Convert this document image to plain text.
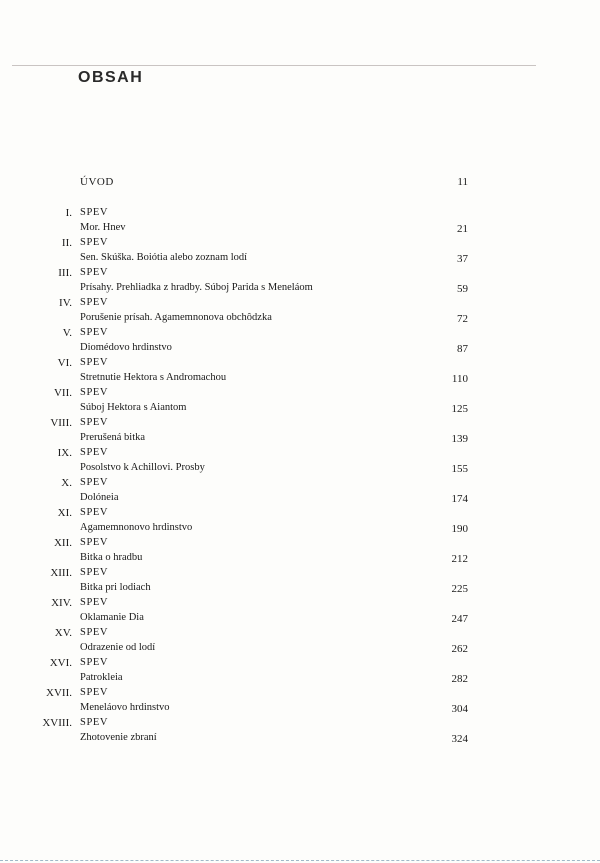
OBSAH
ÚVOD	11
I. SPEV
Mor. Hnev	21
II. SPEV
Sen. Skúška. Boiótia alebo zoznam lodí	37
III. SPEV
Prísahy. Prehliadka z hradby. Súboj Parida s Meneláom	59
IV. SPEV
Porušenie prísah. Agamemnonova obchôdzka	72
V. SPEV
Diomédovo hrdinstvo	87
VI. SPEV
Stretnutie Hektora s Andromachou	110
VII. SPEV
Súboj Hektora s Aiantom	125
VIII. SPEV
Prerušená bitka	139
IX. SPEV
Posolstvo k Achillovi. Prosby	155
X. SPEV
Dolóneia	174
XI. SPEV
Agamemnonovo hrdinstvo	190
XII. SPEV
Bitka o hradbu	212
XIII. SPEV
Bitka pri lodiach	225
XIV. SPEV
Oklamanie Dia	247
XV. SPEV
Odrazenie od lodí	262
XVI. SPEV
Patrokleia	282
XVII. SPEV
Meneláovo hrdinstvo	304
XVIII. SPEV
Zhotovenie zbraní	324
